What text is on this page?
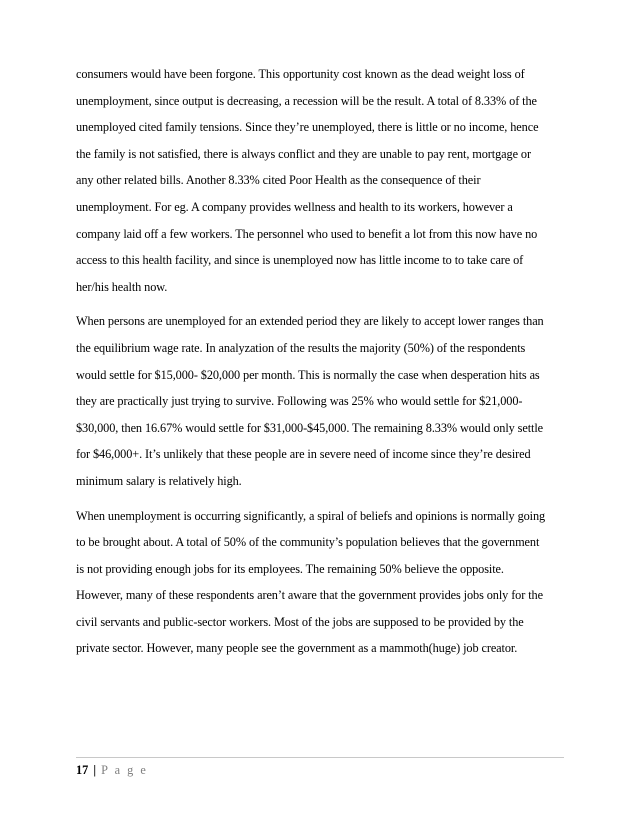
consumers would have been forgone. This opportunity cost known as the dead weight loss of
unemployment, since output is decreasing, a recession will be the result. A total of 8.33% of the
unemployed cited family tensions. Since they’re unemployed, there is little or no income, hence
the family is not satisfied, there is always conflict and they are unable to pay rent, mortgage or
any other related bills. Another 8.33% cited Poor Health as the consequence of their
unemployment. For eg. A company provides wellness and health to its workers, however a
company laid off a few workers. The personnel who used to benefit a lot from this now have no
access to this health facility, and since is unemployed now has little income to to take care of
her/his health now.
When persons are unemployed for an extended period they are likely to accept lower ranges than
the equilibrium wage rate. In analyzation of the results the majority (50%) of the respondents
would settle for $15,000- $20,000 per month. This is normally the case when desperation hits as
they are practically just trying to survive. Following was 25% who would settle for $21,000-
$30,000, then 16.67% would settle for $31,000-$45,000. The remaining 8.33% would only settle
for $46,000+. It’s unlikely that these people are in severe need of income since they’re desired
minimum salary is relatively high.
When unemployment is occurring significantly, a spiral of beliefs and opinions is normally going
to be brought about. A total of 50% of the community’s population believes that the government
is not providing enough jobs for its employees. The remaining 50% believe the opposite.
However, many of these respondents aren’t aware that the government provides jobs only for the
civil servants and public-sector workers. Most of the jobs are supposed to be provided by the
private sector. However, many people see the government as a mammoth(huge) job creator.
17 | P a g e
